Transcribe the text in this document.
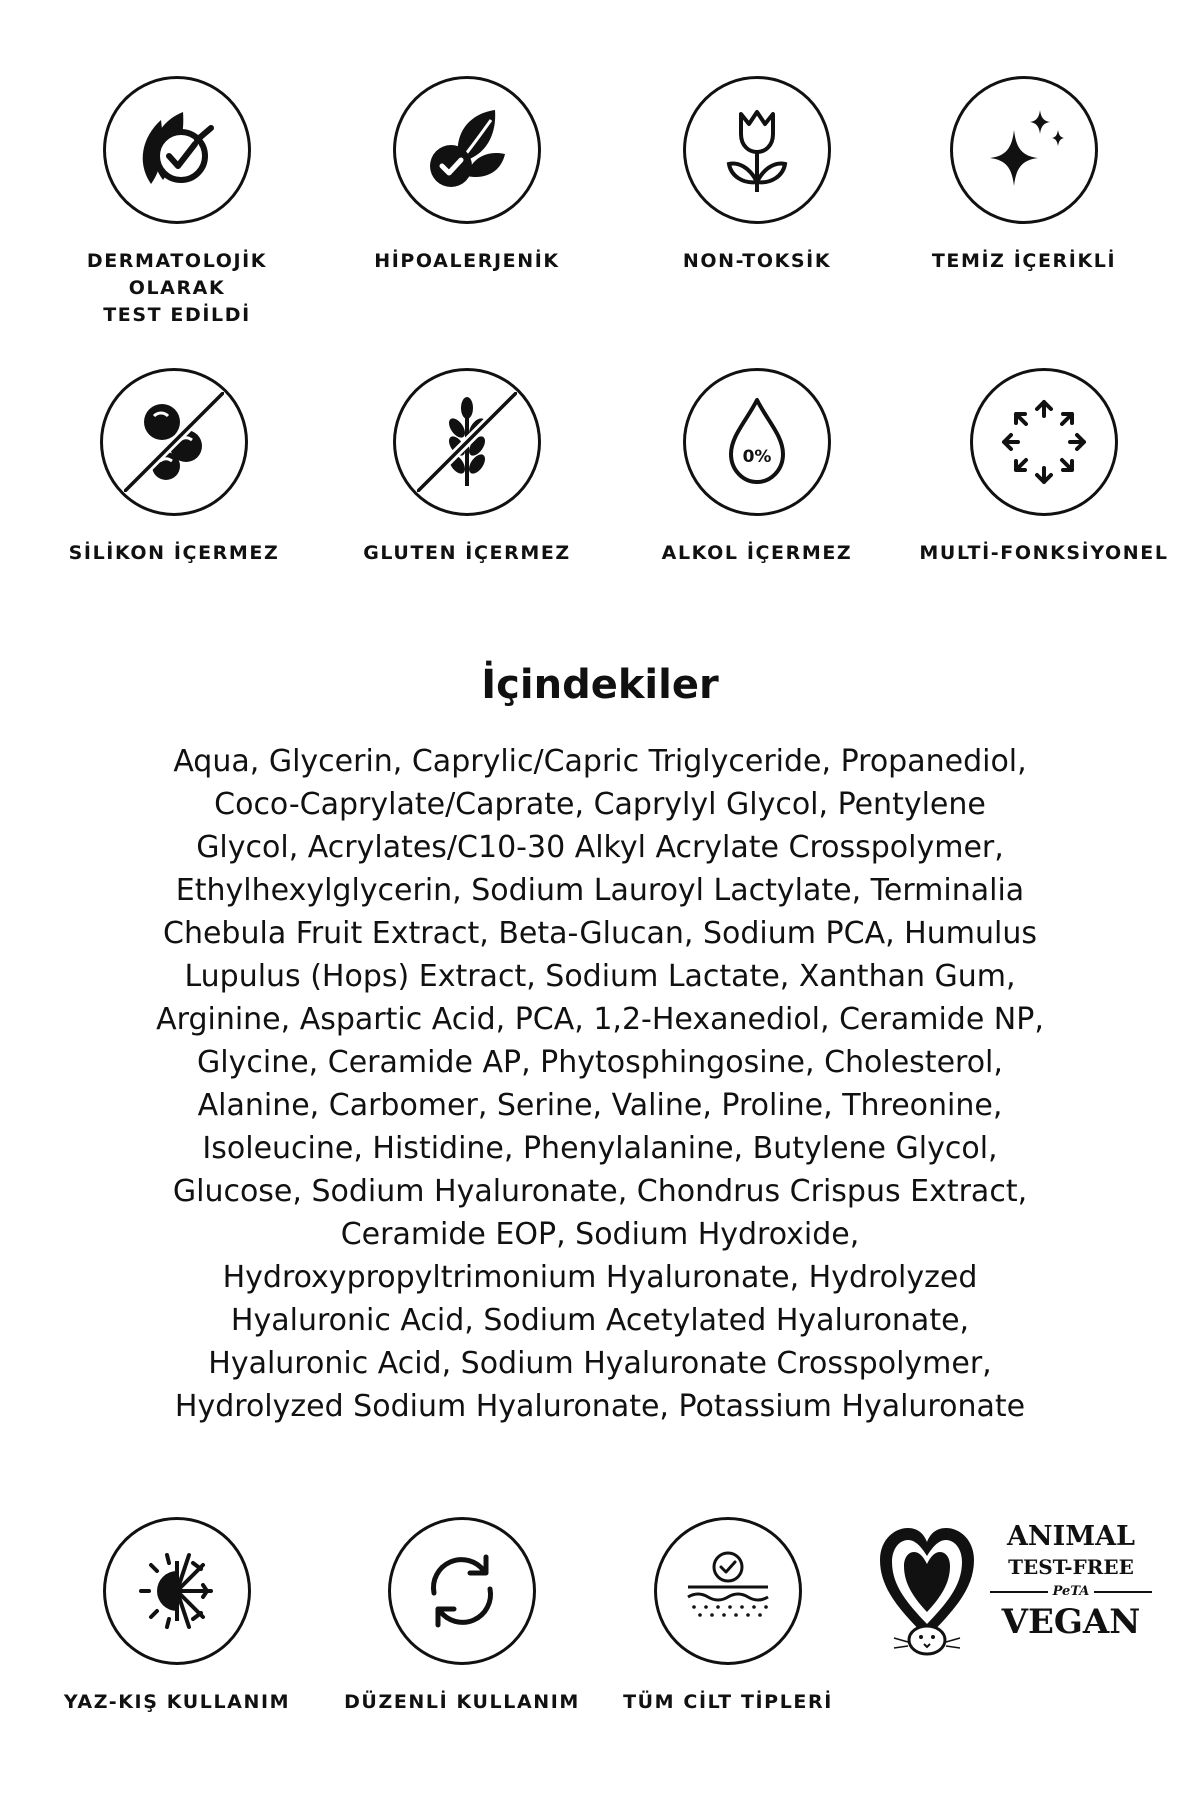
DERMATOLOJİK OLARAK
TEST EDİLDİ
HİPOALERJENİK	NON-TOKSİK	TEMİZ İÇERİKLİ
SİLİKON İÇERMEZ	GLUTEN İÇERMEZ
0%
ALKOL İÇERMEZ	MULTİ-FONKSİYONEL
İçindekiler
Aqua, Glycerin, Caprylic/Capric Triglyceride, Propanediol,
Coco-Caprylate/Caprate, Caprylyl Glycol, Pentylene
Glycol, Acrylates/C10-30 Alkyl Acrylate Crosspolymer,
Ethylhexylglycerin, Sodium Lauroyl Lactylate, Terminalia
Chebula Fruit Extract, Beta-Glucan, Sodium PCA, Humulus
Lupulus (Hops) Extract, Sodium Lactate, Xanthan Gum,
Arginine, Aspartic Acid, PCA, 1,2-Hexanediol, Ceramide NP,
Glycine, Ceramide AP, Phytosphingosine, Cholesterol,
Alanine, Carbomer, Serine, Valine, Proline, Threonine,
Isoleucine, Histidine, Phenylalanine, Butylene Glycol,
Glucose, Sodium Hyaluronate, Chondrus Crispus Extract,
Ceramide EOP, Sodium Hydroxide,
Hydroxypropyltrimonium Hyaluronate, Hydrolyzed
Hyaluronic Acid, Sodium Acetylated Hyaluronate,
Hyaluronic Acid, Sodium Hyaluronate Crosspolymer,
Hydrolyzed Sodium Hyaluronate, Potassium Hyaluronate
YAZ-KIŞ KULLANIM	DÜZENLİ KULLANIM	TÜM CİLT TİPLERİ
ANIMAL
TEST-FREE
PeTA
VEGAN
